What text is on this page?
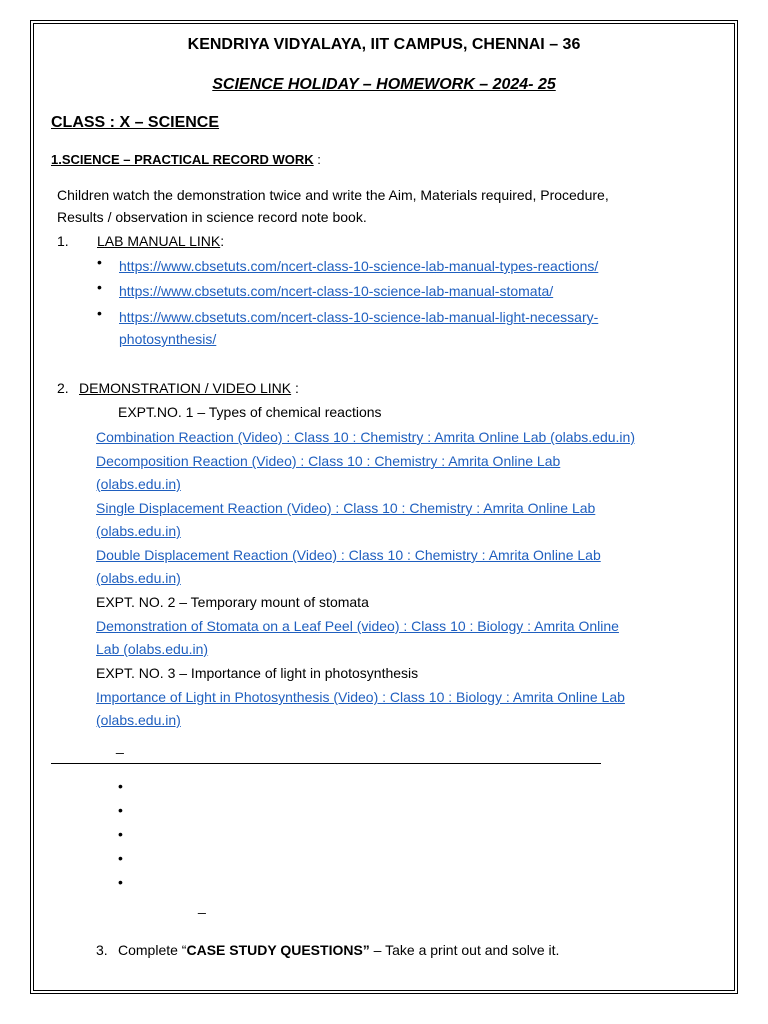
KENDRIYA VIDYALAYA, IIT CAMPUS, CHENNAI – 36
SCIENCE HOLIDAY – HOMEWORK – 2024- 25
CLASS : X – SCIENCE
1.SCIENCE – PRACTICAL RECORD WORK :
Children watch the demonstration twice and write the Aim, Materials required, Procedure,
Results / observation in science record note book.
1. LAB MANUAL LINK:
• https://www.cbsetuts.com/ncert-class-10-science-lab-manual-types-reactions/
• https://www.cbsetuts.com/ncert-class-10-science-lab-manual-stomata/
• https://www.cbsetuts.com/ncert-class-10-science-lab-manual-light-necessary-
photosynthesis/
2. DEMONSTRATION / VIDEO LINK :
EXPT.NO. 1 – Types of chemical reactions
Combination Reaction (Video) : Class 10 : Chemistry : Amrita Online Lab (olabs.edu.in)
Decomposition Reaction (Video) : Class 10 : Chemistry : Amrita Online Lab
(olabs.edu.in)
Single Displacement Reaction (Video) : Class 10 : Chemistry : Amrita Online Lab
(olabs.edu.in)
Double Displacement Reaction (Video) : Class 10 : Chemistry : Amrita Online Lab
(olabs.edu.in)
EXPT. NO. 2 – Temporary mount of stomata
Demonstration of Stomata on a Leaf Peel (video) : Class 10 : Biology : Amrita Online
Lab (olabs.edu.in)
EXPT. NO. 3 – Importance of light in photosynthesis
Importance of Light in Photosynthesis (Video) : Class 10 : Biology : Amrita Online Lab
(olabs.edu.in)
_
•
•
•
•
•
_
3. Complete “CASE STUDY QUESTIONS” – Take a print out and solve it.
